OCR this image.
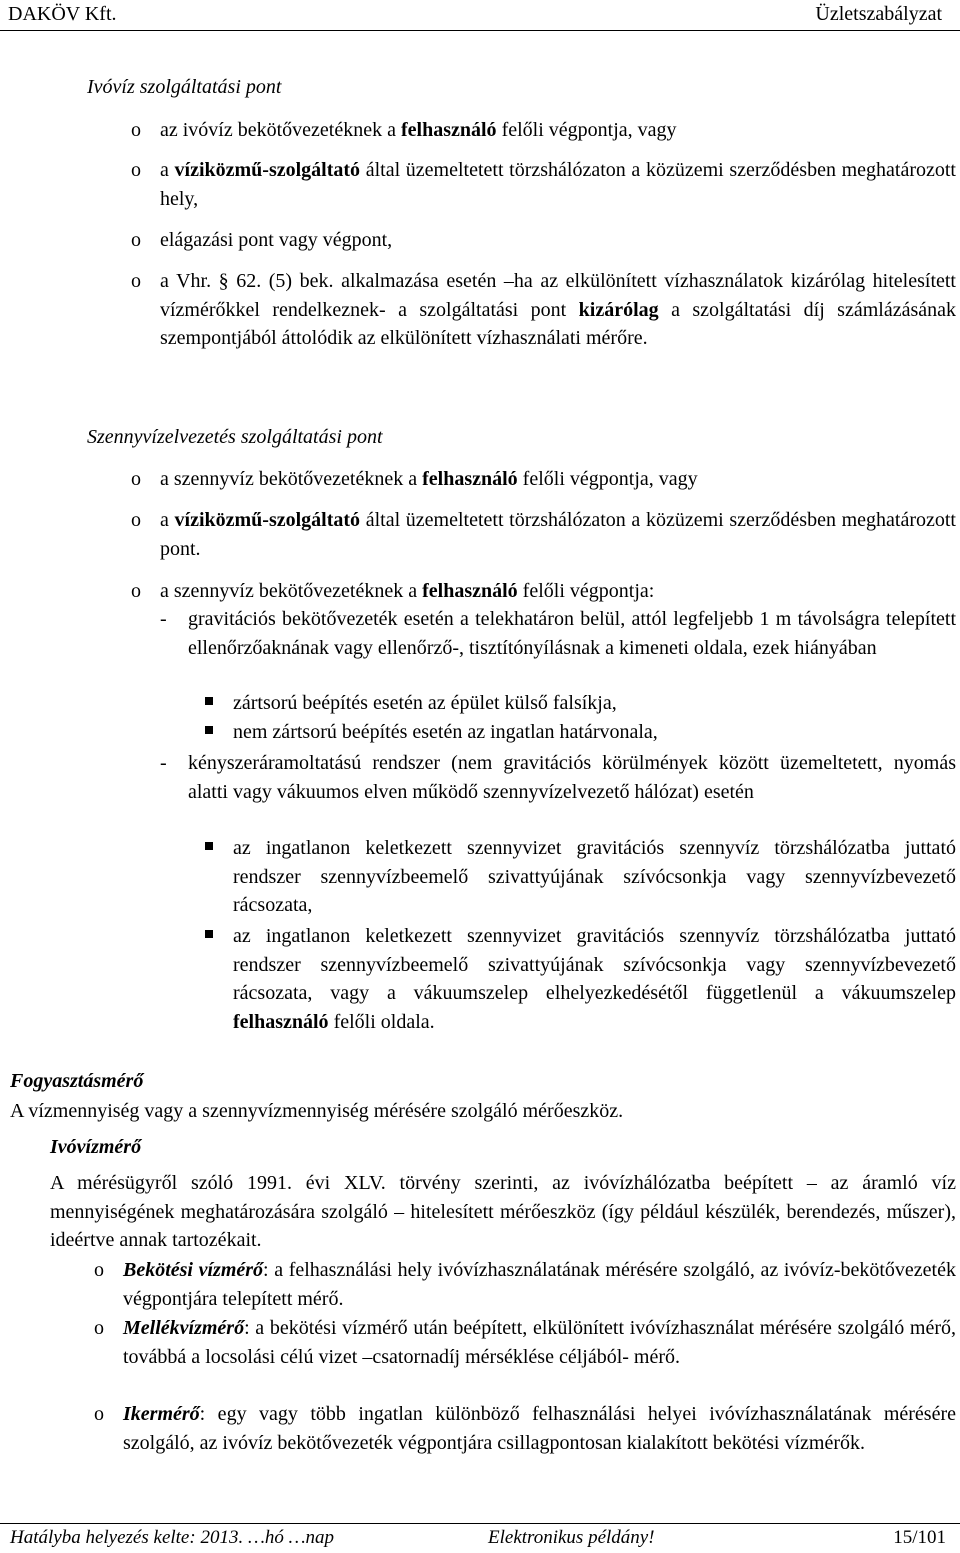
DAKÖV Kft.	Üzletszabályzat
Ivóvíz szolgáltatási pont
o az ivóvíz bekötővezetéknek a felhasználó felőli végpontja, vagy
o a víziközmű-szolgáltató által üzemeltetett törzshálózaton a közüzemi szerződésben meghatározott hely,
o elágazási pont vagy végpont,
o a Vhr. § 62. (5) bek. alkalmazása esetén –ha az elkülönített vízhasználatok kizárólag hitelesített vízmérőkkel rendelkeznek- a szolgáltatási pont kizárólag a szolgáltatási díj számlázásának szempontjából áttolódik az elkülönített vízhasználati mérőre.
Szennyvízelvezetés szolgáltatási pont
o a szennyvíz bekötővezetéknek a felhasználó felőli végpontja, vagy
o a víziközmű-szolgáltató által üzemeltetett törzshálózaton a közüzemi szerződésben meghatározott pont.
o a szennyvíz bekötővezetéknek a felhasználó felőli végpontja:
- gravitációs bekötővezeték esetén a telekhatáron belül, attól legfeljebb 1 m távolságra telepített ellenőrzőaknának vagy ellenőrző-, tisztítónyílásnak a kimeneti oldala, ezek hiányában
zártsorú beépítés esetén az épület külső falsíkja,
nem zártsorú beépítés esetén az ingatlan határvonala,
- kényszeráramoltatású rendszer (nem gravitációs körülmények között üzemeltetett, nyomás alatti vagy vákuumos elven működő szennyvízelvezető hálózat) esetén
az ingatlanon keletkezett szennyvizet gravitációs szennyvíz törzshálózatba juttató rendszer szennyvízbeemelő szivattyújának szívócsonkja vagy szennyvízbevezető rácsozata,
az ingatlanon keletkezett szennyvizet gravitációs szennyvíz törzshálózatba juttató rendszer szennyvízbeemelő szivattyújának szívócsonkja vagy szennyvízbevezető rácsozata, vagy a vákuumszelep elhelyezkedésétől függetlenül a vákuumszelep felhasználó felőli oldala.
Fogyasztásmérő
A vízmennyiség vagy a szennyvízmennyiség mérésére szolgáló mérőeszköz.
Ivóvízmérő
A mérésügyről szóló 1991. évi XLV. törvény szerinti, az ivóvízhálózatba beépített – az áramló víz mennyiségének meghatározására szolgáló – hitelesített mérőeszköz (így például készülék, berendezés, műszer), ideértve annak tartozékait.
o Bekötési vízmérő: a felhasználási hely ivóvízhasználatának mérésére szolgáló, az ivóvíz-bekötővezeték végpontjára telepített mérő.
o Mellékvízmérő: a bekötési vízmérő után beépített, elkülönített ivóvízhasználat mérésére szolgáló mérő, továbbá a locsolási célú vizet –csatornadíj mérséklése céljából- mérő.
o Ikermérő: egy vagy több ingatlan különböző felhasználási helyei ivóvízhasználatának mérésére szolgáló, az ivóvíz bekötővezeték végpontjára csillagpontosan kialakított bekötési vízmérők.
Hatályba helyezés kelte: 2013. …hó …nap	Elektronikus példány!	15/101
